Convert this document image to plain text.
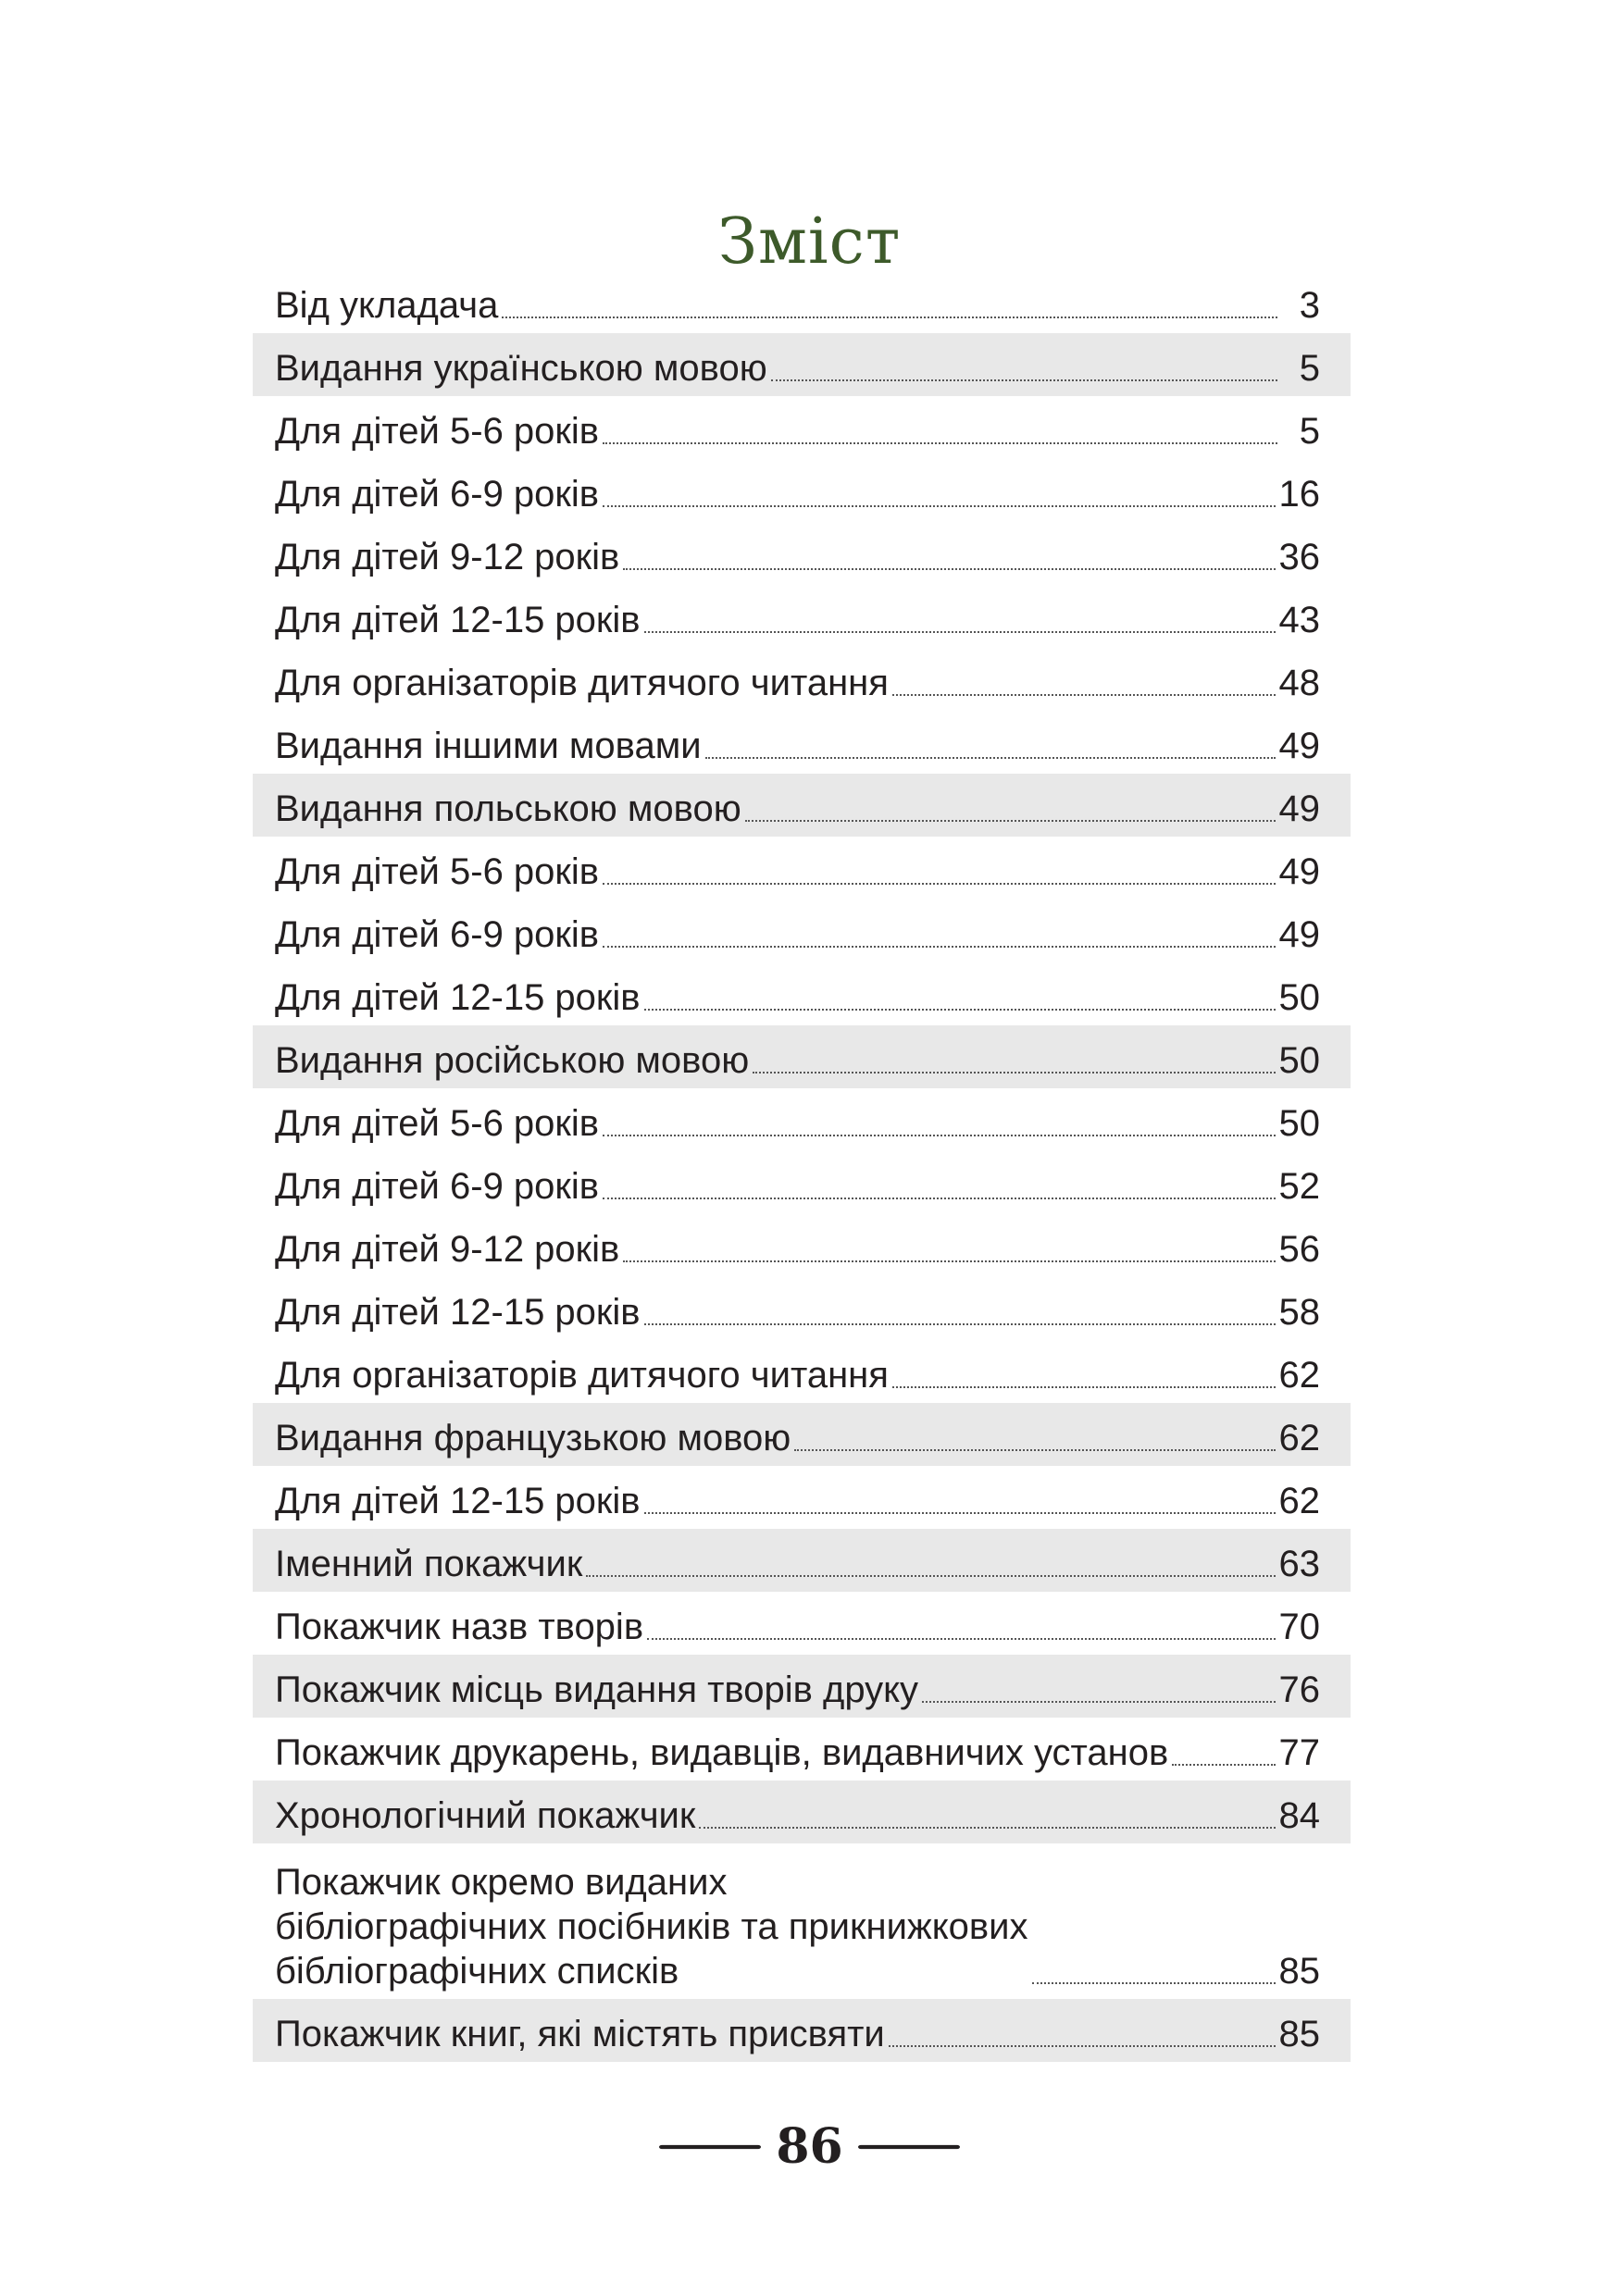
Зміст
Від укладача	3
Видання українською мовою	5
Для дітей 5-6 років	5
Для дітей 6-9 років	16
Для дітей 9-12 років	36
Для дітей 12-15 років	43
Для організаторів дитячого читання	48
Видання іншими мовами	49
Видання польською мовою	49
Для дітей 5-6 років	49
Для дітей 6-9 років	49
Для дітей 12-15 років	50
Видання російською мовою	50
Для дітей 5-6 років	50
Для дітей 6-9 років	52
Для дітей 9-12 років	56
Для дітей 12-15 років	58
Для організаторів дитячого читання	62
Видання французькою мовою	62
Для дітей 12-15 років	62
Іменний покажчик	63
Покажчик назв творів	70
Покажчик місць видання творів друку	76
Покажчик друкарень, видавців, видавничих установ	77
Хронологічний покажчик	84
Покажчик окремо виданих
бібліографічних посібників та прикнижкових
бібліографічних списків	85
Покажчик книг, які містять присвяти	85
86
